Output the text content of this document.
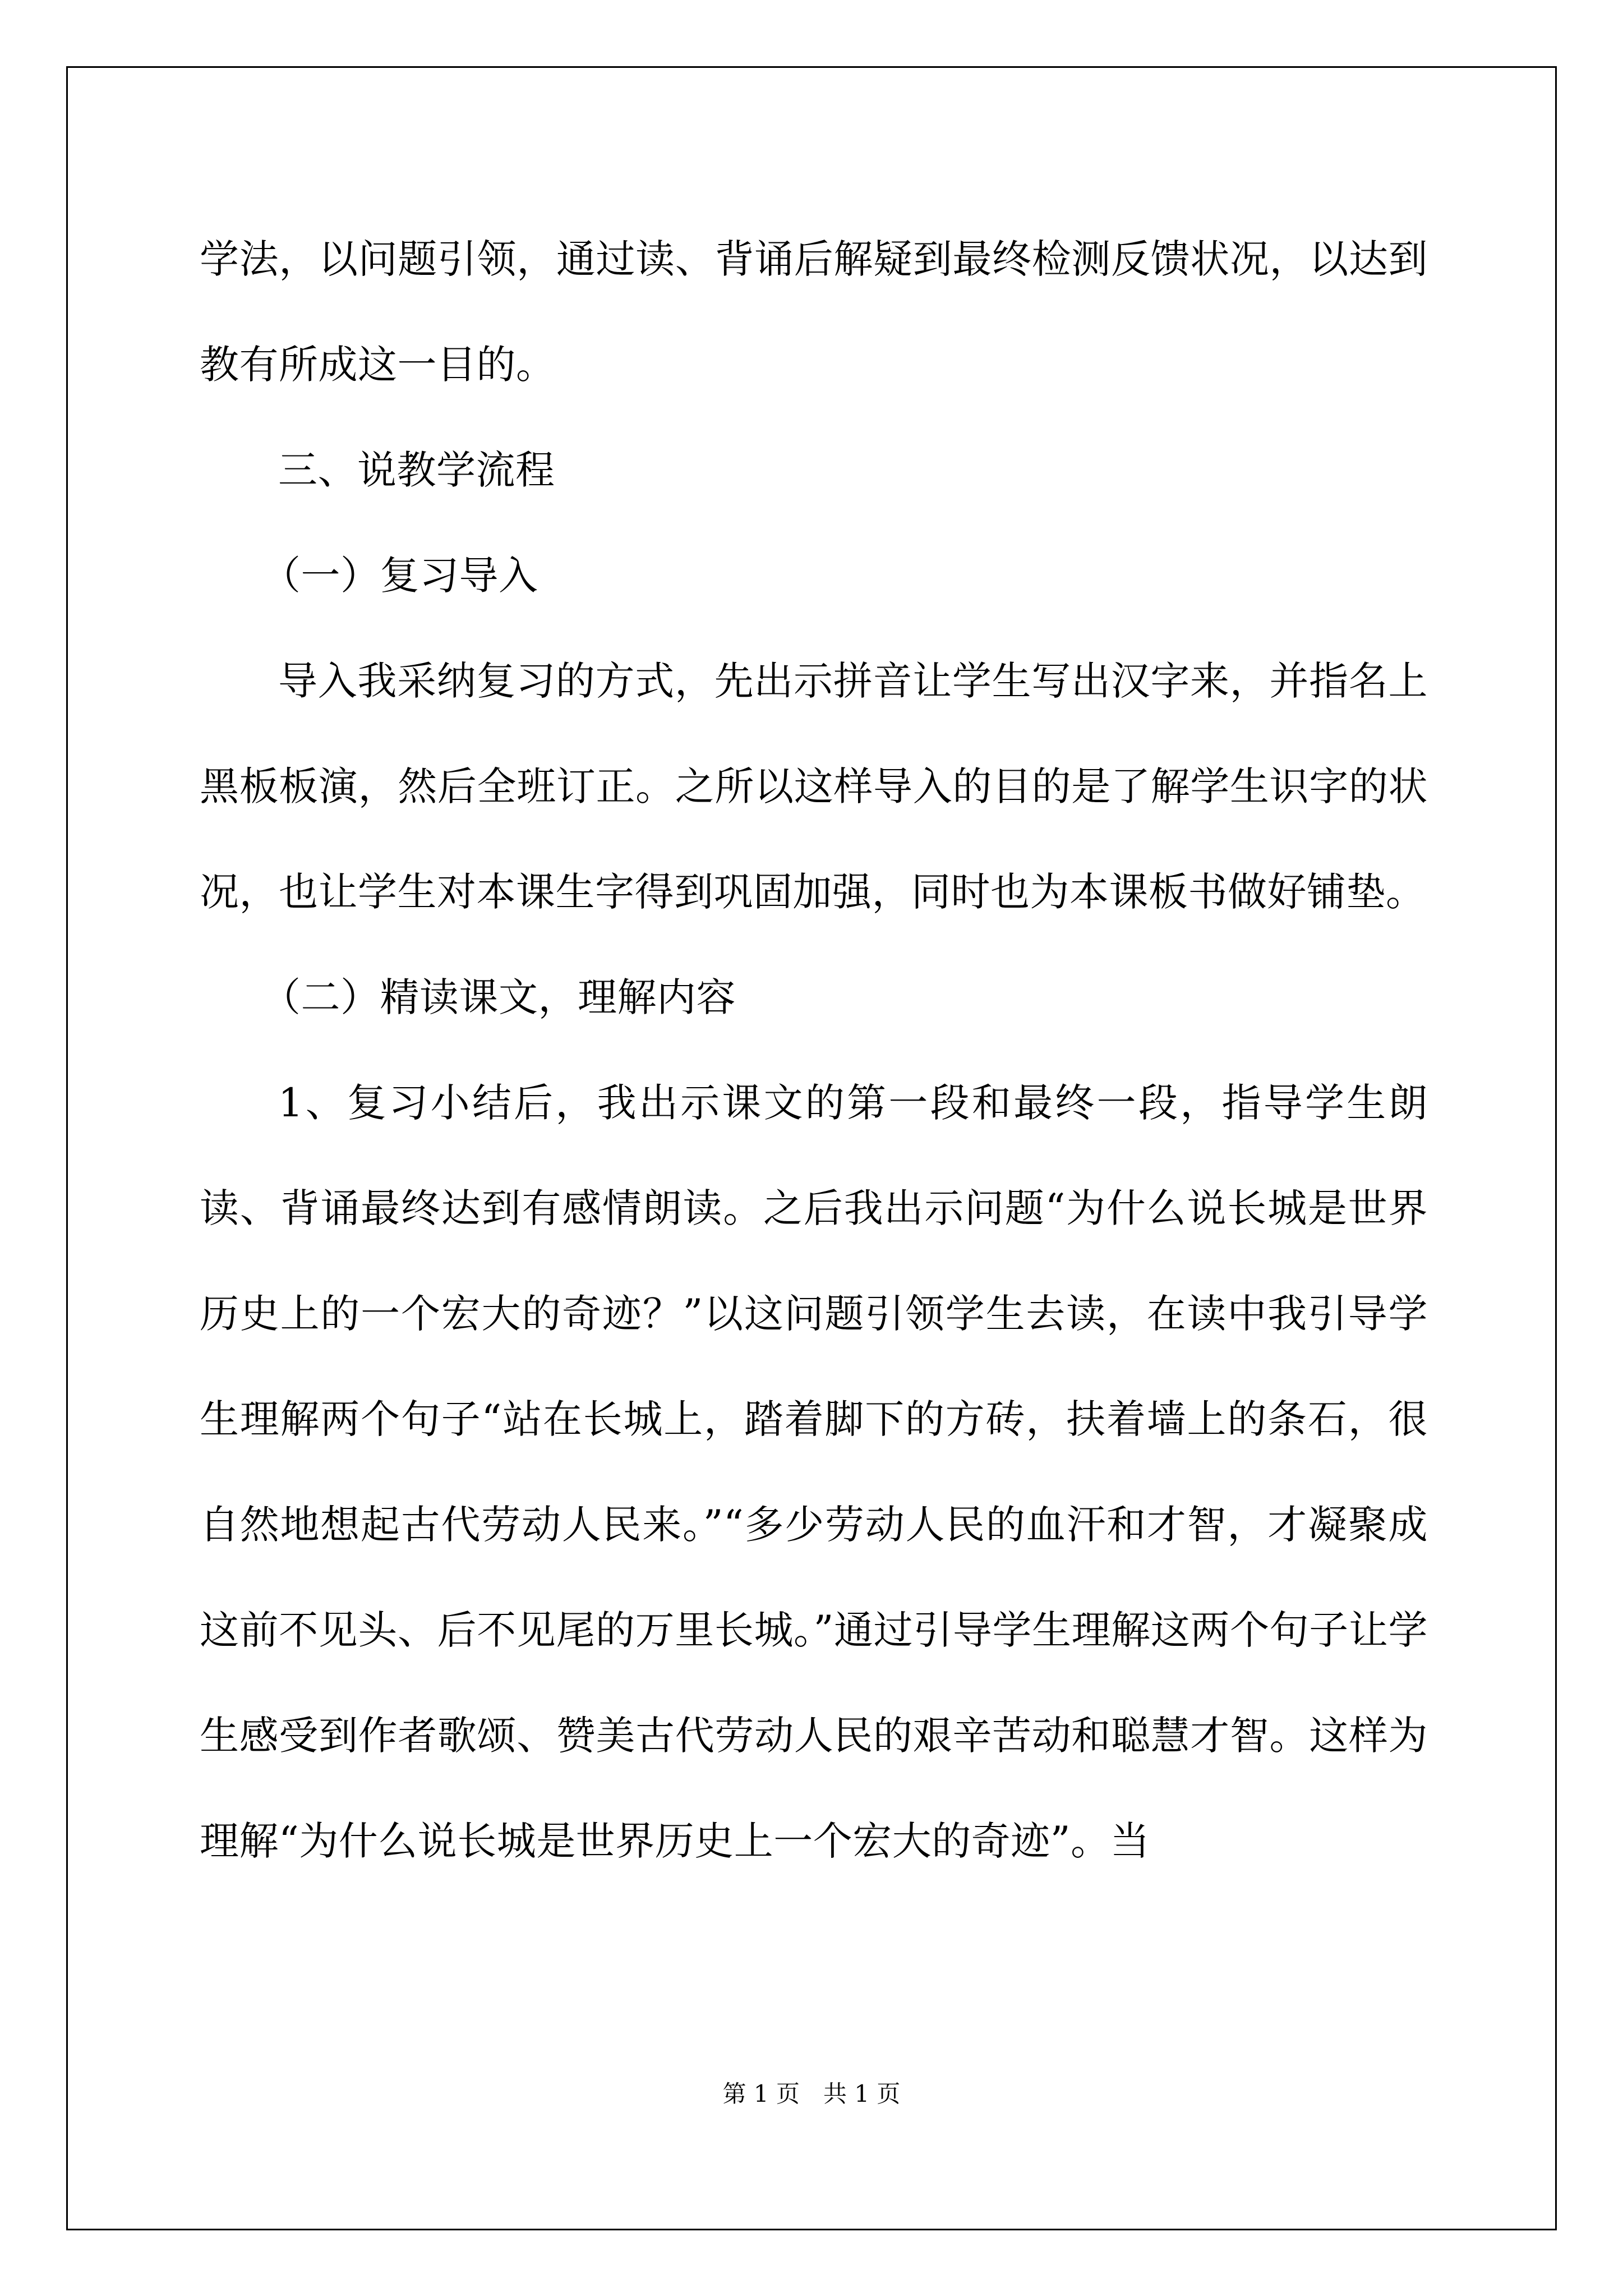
学法，以问题引领，通过读、背诵后解疑到最终检测反馈状况，以达到教有所成这一目的。

三、说教学流程

（一）复习导入

导入我采纳复习的方式，先出示拼音让学生写出汉字来，并指名上黑板板演，然后全班订正。之所以这样导入的目的是了解学生识字的状况，也让学生对本课生字得到巩固加强，同时也为本课板书做好铺垫。

（二）精读课文，理解内容

1、复习小结后，我出示课文的第一段和最终一段，指导学生朗读、背诵最终达到有感情朗读。之后我出示问题“为什么说长城是世界历史上的一个宏大的奇迹？”以这问题引领学生去读，在读中我引导学生理解两个句子“站在长城上，踏着脚下的方砖，扶着墙上的条石，很自然地想起古代劳动人民来。”“多少劳动人民的血汗和才智，才凝聚成这前不见头、后不见尾的万里长城。”通过引导学生理解这两个句子让学生感受到作者歌颂、赞美古代劳动人民的艰辛苦动和聪慧才智。这样为理解“为什么说长城是世界历史上一个宏大的奇迹”。当

第 1 页　共 1 页
